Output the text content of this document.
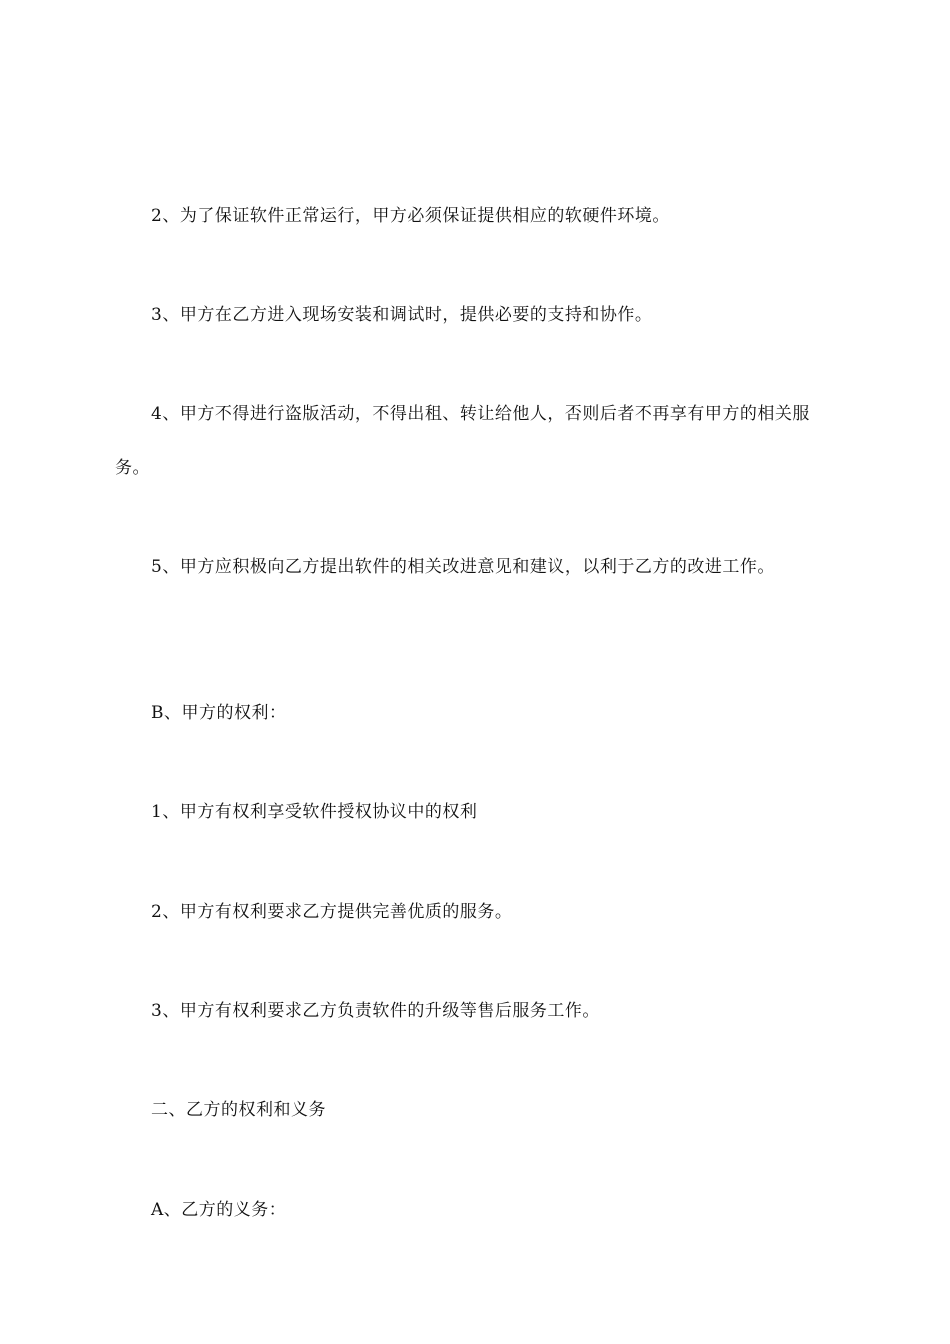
2、为了保证软件正常运行，甲方必须保证提供相应的软硬件环境。

3、甲方在乙方进入现场安装和调试时，提供必要的支持和协作。

4、甲方不得进行盗版活动，不得出租、转让给他人，否则后者不再享有甲方的相关服务。

5、甲方应积极向乙方提出软件的相关改进意见和建议，以利于乙方的改进工作。

B、甲方的权利：

1、甲方有权利享受软件授权协议中的权利

2、甲方有权利要求乙方提供完善优质的服务。

3、甲方有权利要求乙方负责软件的升级等售后服务工作。

二、乙方的权利和义务

A、乙方的义务：
